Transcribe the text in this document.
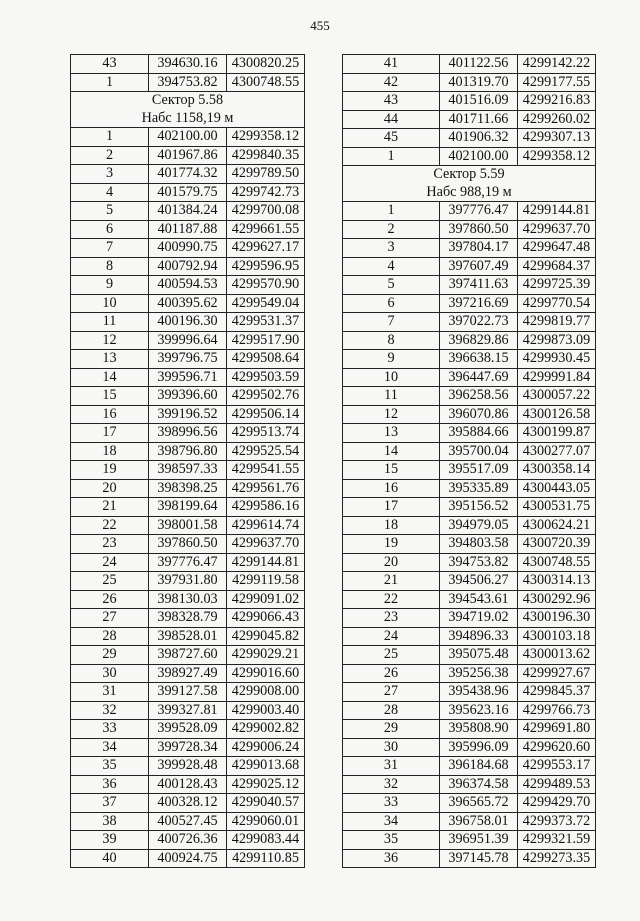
455
43	394630.16	4300820.25
1	394753.82	4300748.55
Сектор 5.58		
Набс 1158,19 м		
1	402100.00	4299358.12
2	401967.86	4299840.35
3	401774.32	4299789.50
4	401579.75	4299742.73
5	401384.24	4299700.08
6	401187.88	4299661.55
7	400990.75	4299627.17
8	400792.94	4299596.95
9	400594.53	4299570.90
10	400395.62	4299549.04
11	400196.30	4299531.37
12	399996.64	4299517.90
13	399796.75	4299508.64
14	399596.71	4299503.59
15	399396.60	4299502.76
16	399196.52	4299506.14
17	398996.56	4299513.74
18	398796.80	4299525.54
19	398597.33	4299541.55
20	398398.25	4299561.76
21	398199.64	4299586.16
22	398001.58	4299614.74
23	397860.50	4299637.70
24	397776.47	4299144.81
25	397931.80	4299119.58
26	398130.03	4299091.02
27	398328.79	4299066.43
28	398528.01	4299045.82
29	398727.60	4299029.21
30	398927.49	4299016.60
31	399127.58	4299008.00
32	399327.81	4299003.40
33	399528.09	4299002.82
34	399728.34	4299006.24
35	399928.48	4299013.68
36	400128.43	4299025.12
37	400328.12	4299040.57
38	400527.45	4299060.01
39	400726.36	4299083.44
40	400924.75	4299110.85
41	401122.56	4299142.22
42	401319.70	4299177.55
43	401516.09	4299216.83
44	401711.66	4299260.02
45	401906.32	4299307.13
1	402100.00	4299358.12
Сектор 5.59		
Набс 988,19 м		
1	397776.47	4299144.81
2	397860.50	4299637.70
3	397804.17	4299647.48
4	397607.49	4299684.37
5	397411.63	4299725.39
6	397216.69	4299770.54
7	397022.73	4299819.77
8	396829.86	4299873.09
9	396638.15	4299930.45
10	396447.69	4299991.84
11	396258.56	4300057.22
12	396070.86	4300126.58
13	395884.66	4300199.87
14	395700.04	4300277.07
15	395517.09	4300358.14
16	395335.89	4300443.05
17	395156.52	4300531.75
18	394979.05	4300624.21
19	394803.58	4300720.39
20	394753.82	4300748.55
21	394506.27	4300314.13
22	394543.61	4300292.96
23	394719.02	4300196.30
24	394896.33	4300103.18
25	395075.48	4300013.62
26	395256.38	4299927.67
27	395438.96	4299845.37
28	395623.16	4299766.73
29	395808.90	4299691.80
30	395996.09	4299620.60
31	396184.68	4299553.17
32	396374.58	4299489.53
33	396565.72	4299429.70
34	396758.01	4299373.72
35	396951.39	4299321.59
36	397145.78	4299273.35
